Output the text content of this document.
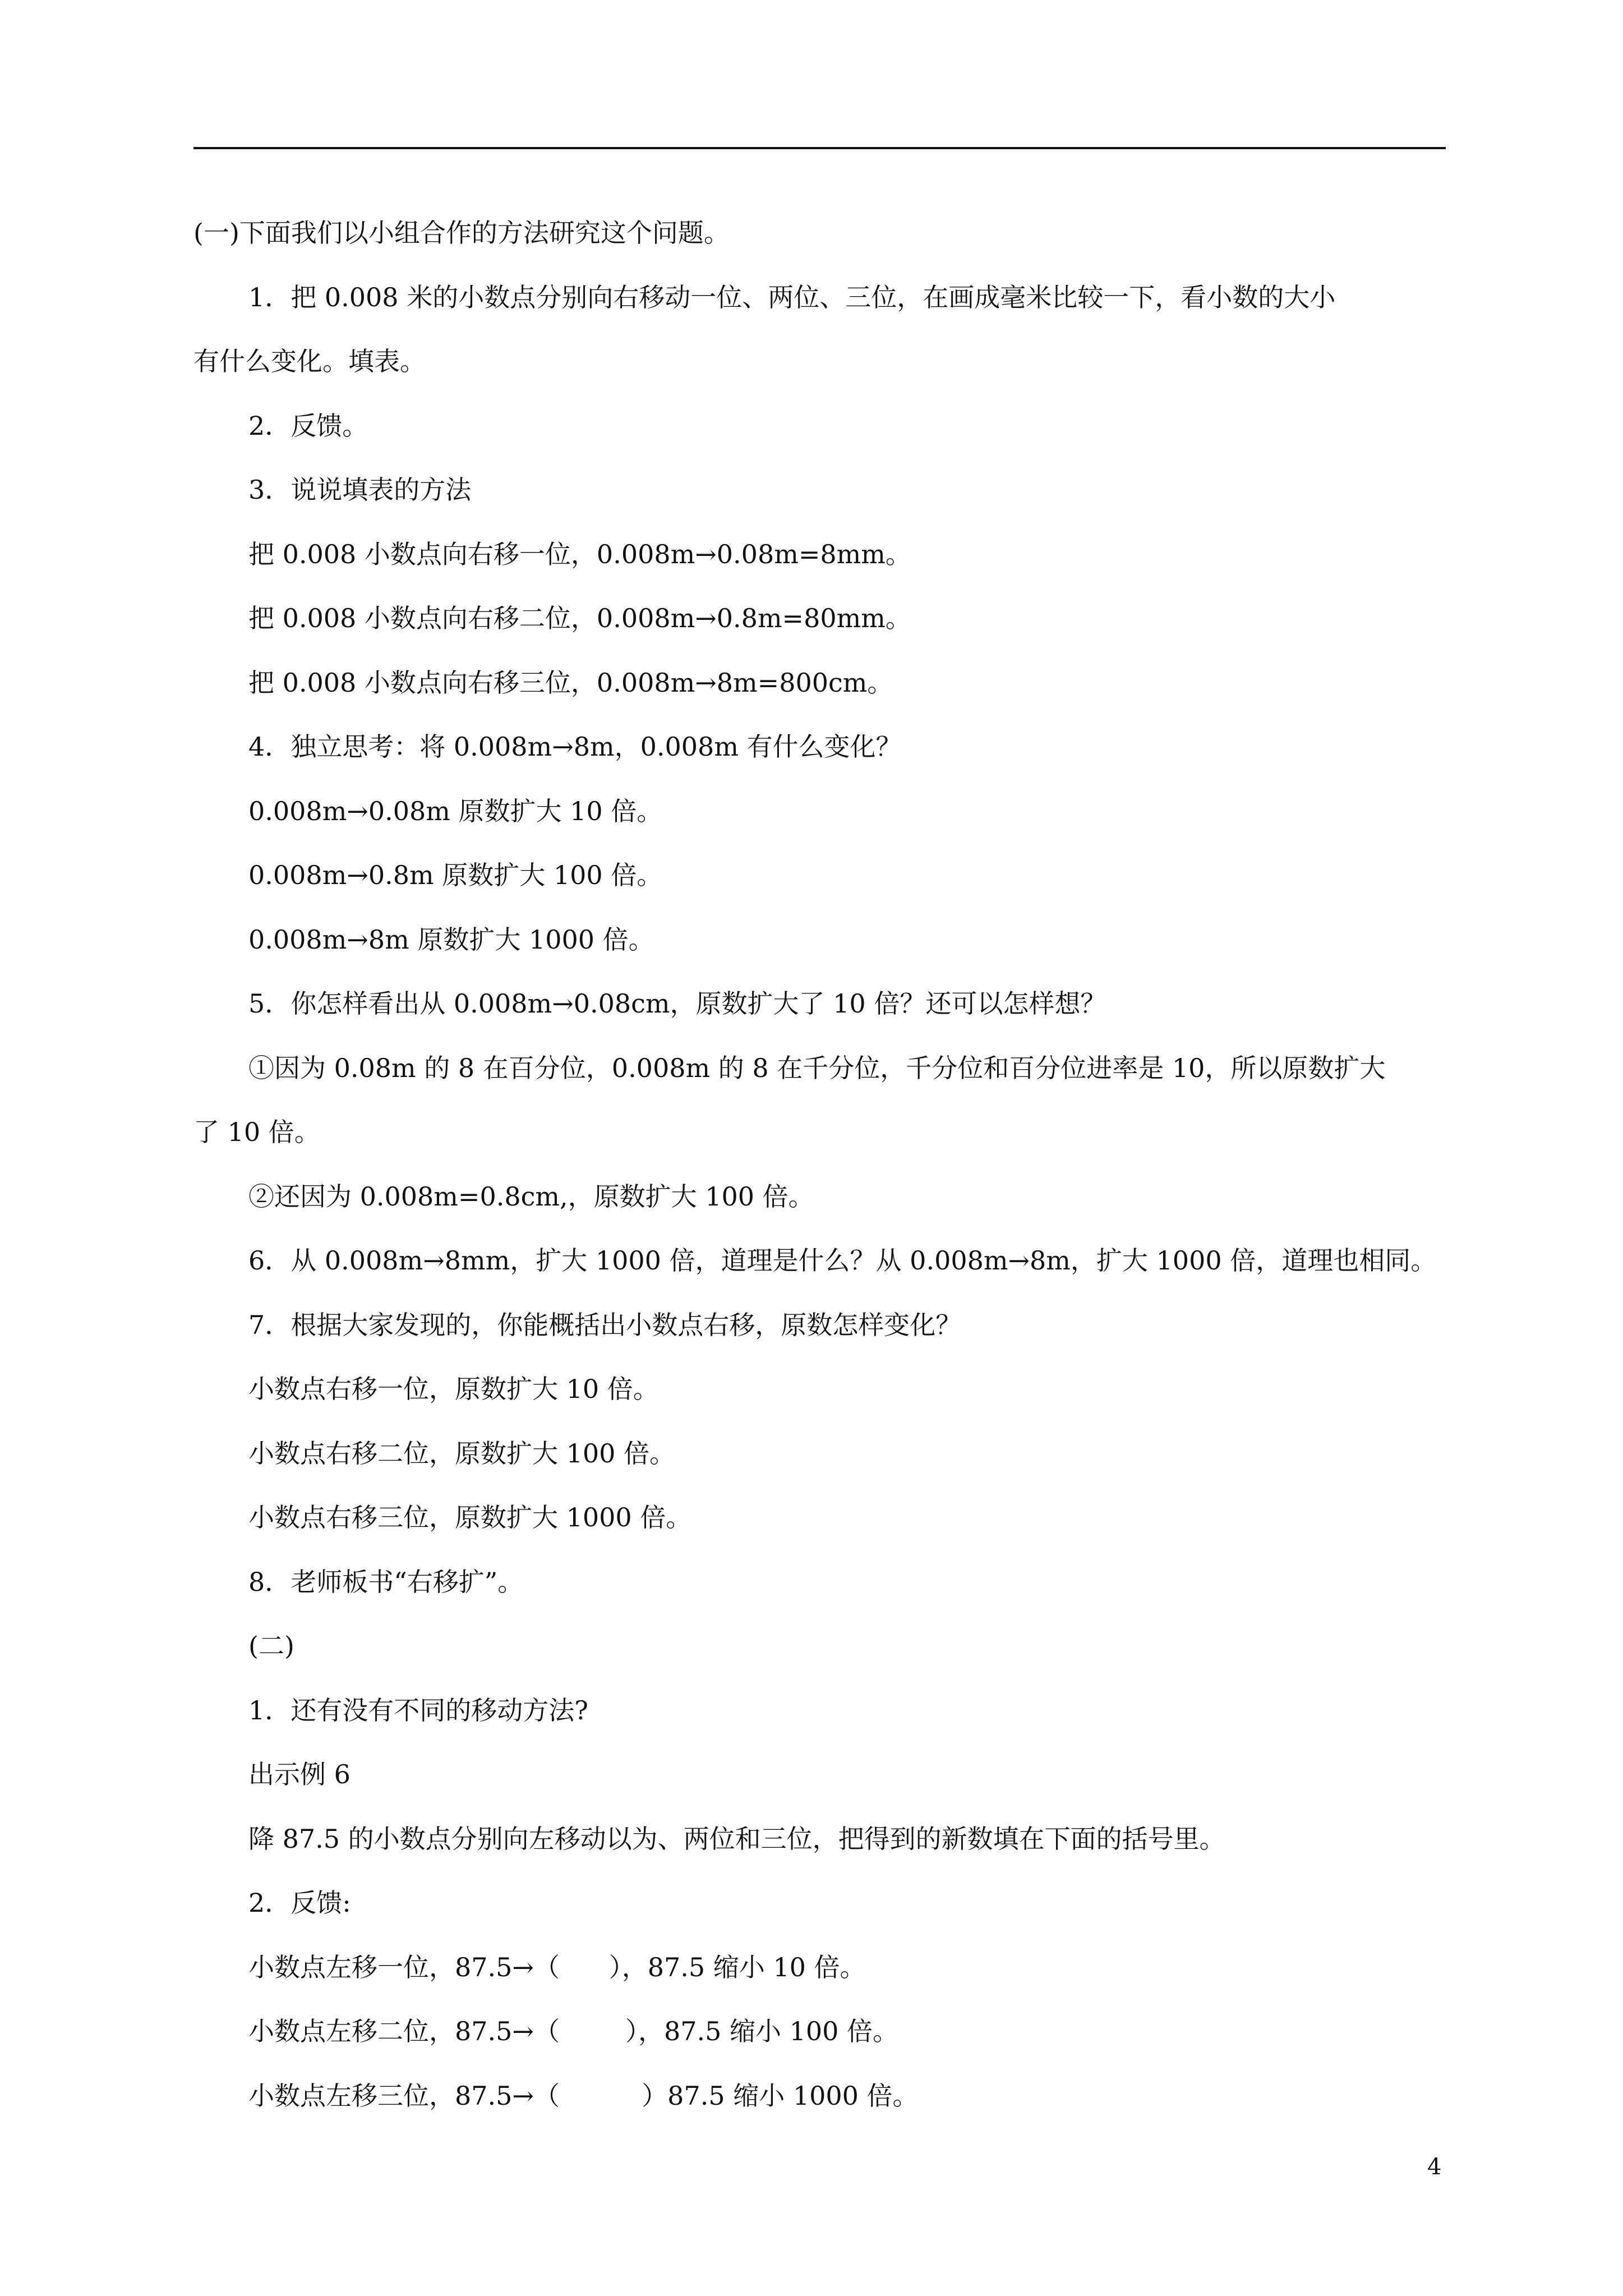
(一)下面我们以小组合作的方法研究这个问题。
1．把 0.008 米的小数点分别向右移动一位、两位、三位，在画成毫米比较一下，看小数的大小
有什么变化。填表。
2．反馈。
3．说说填表的方法
把 0.008 小数点向右移一位，0.008m→0.08m=8mm。
把 0.008 小数点向右移二位，0.008m→0.8m=80mm。
把 0.008 小数点向右移三位，0.008m→8m=800cm。
4．独立思考：将 0.008m→8m，0.008m 有什么变化？
0.008m→0.08m 原数扩大 10 倍。
0.008m→0.8m 原数扩大 100 倍。
0.008m→8m 原数扩大 1000 倍。
5．你怎样看出从 0.008m→0.08cm，原数扩大了 10 倍？还可以怎样想？
①因为 0.08m 的 8 在百分位，0.008m 的 8 在千分位，千分位和百分位进率是 10，所以原数扩大
了 10 倍。
②还因为 0.008m=0.8cm,，原数扩大 100 倍。
6．从 0.008m→8mm，扩大 1000 倍，道理是什么？从 0.008m→8m，扩大 1000 倍，道理也相同。
7．根据大家发现的，你能概括出小数点右移，原数怎样变化？
小数点右移一位，原数扩大 10 倍。
小数点右移二位，原数扩大 100 倍。
小数点右移三位，原数扩大 1000 倍。
8．老师板书“右移扩”。
(二)
1．还有没有不同的移动方法?
出示例 6
降 87.5 的小数点分别向左移动以为、两位和三位，把得到的新数填在下面的括号里。
2．反馈:
小数点左移一位，87.5→（      ），87.5 缩小 10 倍。
小数点左移二位，87.5→（        ），87.5 缩小 100 倍。
小数点左移三位，87.5→（          ）87.5 缩小 1000 倍。
4
